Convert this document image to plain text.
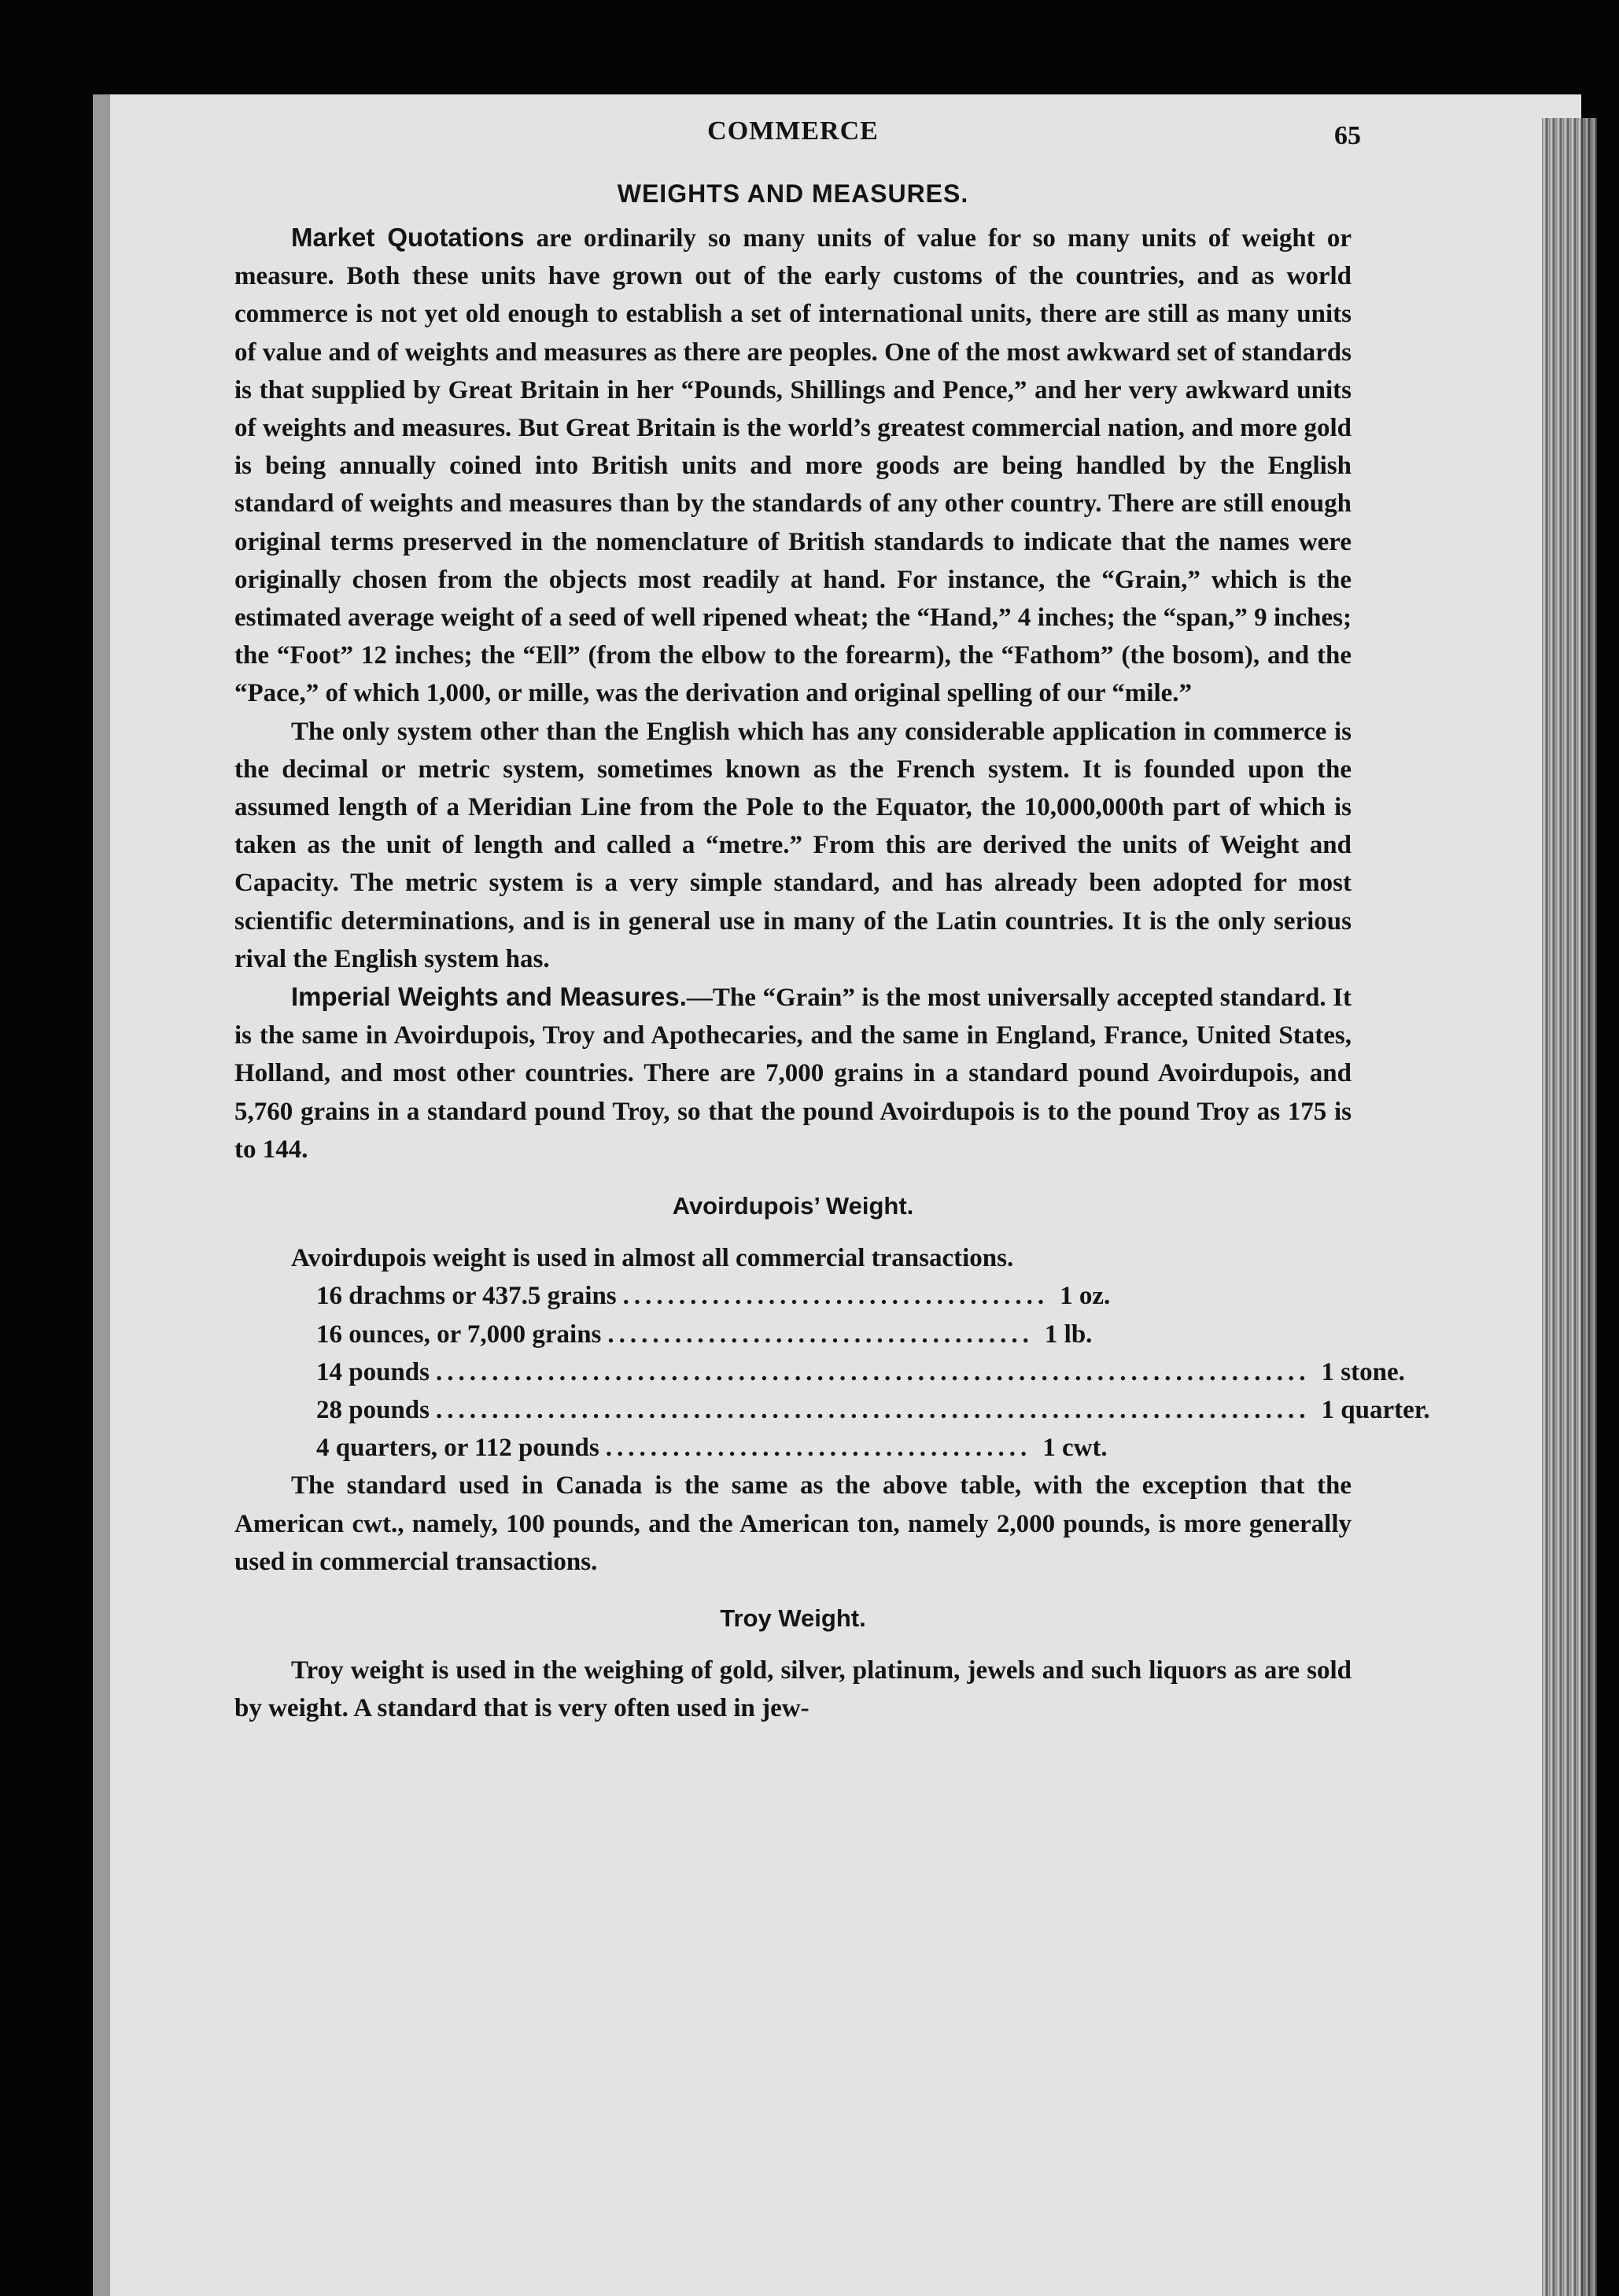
COMMERCE	65
WEIGHTS AND MEASURES.

Market Quotations are ordinarily so many units of value for so many units of weight or measure. Both these units have grown out of the early customs of the countries, and as world commerce is not yet old enough to establish a set of international units, there are still as many units of value and of weights and measures as there are peoples. One of the most awkward set of standards is that supplied by Great Britain in her “Pounds, Shillings and Pence,” and her very awkward units of weights and measures. But Great Britain is the world’s greatest commercial nation, and more gold is being annually coined into British units and more goods are being handled by the English standard of weights and measures than by the standards of any other country. There are still enough original terms preserved in the nomenclature of British standards to indicate that the names were originally chosen from the objects most readily at hand. For instance, the “Grain,” which is the estimated average weight of a seed of well ripened wheat; the “Hand,” 4 inches; the “span,” 9 inches; the “Foot” 12 inches; the “Ell” (from the elbow to the forearm), the “Fathom” (the bosom), and the “Pace,” of which 1,000, or mille, was the derivation and original spelling of our “mile.”

The only system other than the English which has any considerable application in commerce is the decimal or metric system, sometimes known as the French system. It is founded upon the assumed length of a Meridian Line from the Pole to the Equator, the 10,000,000th part of which is taken as the unit of length and called a “metre.” From this are derived the units of Weight and Capacity. The metric system is a very simple standard, and has already been adopted for most scientific determinations, and is in general use in many of the Latin countries. It is the only serious rival the English system has.

Imperial Weights and Measures.—The “Grain” is the most universally accepted standard. It is the same in Avoirdupois, Troy and Apothecaries, and the same in England, France, United States, Holland, and most other countries. There are 7,000 grains in a standard pound Avoirdupois, and 5,760 grains in a standard pound Troy, so that the pound Avoirdupois is to the pound Troy as 175 is to 144.

Avoirdupois’ Weight.

Avoirdupois weight is used in almost all commercial transactions.

16 drachms or 437.5 grains ...................................... 1 oz.
16 ounces, or 7,000 grains ...................................... 1 lb.
14 pounds .............................................................................. 1 stone.
28 pounds .............................................................................. 1 quarter.
4 quarters, or 112 pounds ...................................... 1 cwt.

The standard used in Canada is the same as the above table, with the exception that the American cwt., namely, 100 pounds, and the American ton, namely 2,000 pounds, is more generally used in commercial transactions.

Troy Weight.

Troy weight is used in the weighing of gold, silver, platinum, jewels and such liquors as are sold by weight. A standard that is very often used in jew-
